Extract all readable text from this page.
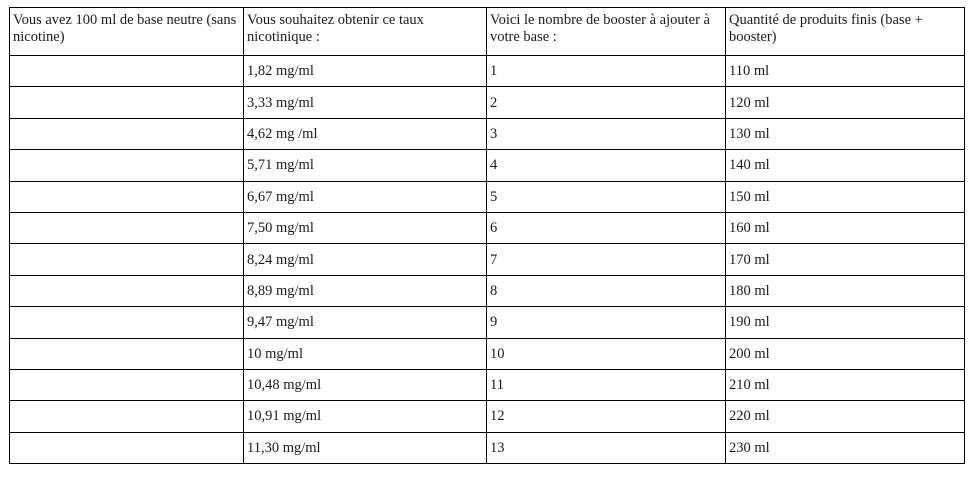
Vous avez 100 ml de base neutre (sans nicotine)	Vous souhaitez obtenir ce taux nicotinique :	Voici le nombre de booster à ajouter à votre base :	Quantité de produits finis (base + booster)
	1,82 mg/ml	1	110 ml
	3,33 mg/ml	2	120 ml
	4,62 mg /ml	3	130 ml
	5,71 mg/ml	4	140 ml
	6,67 mg/ml	5	150 ml
	7,50 mg/ml	6	160 ml
	8,24 mg/ml	7	170 ml
	8,89 mg/ml	8	180 ml
	9,47 mg/ml	9	190 ml
	10 mg/ml	10	200 ml
	10,48 mg/ml	11	210 ml
	10,91 mg/ml	12	220 ml
	11,30 mg/ml	13	230 ml
